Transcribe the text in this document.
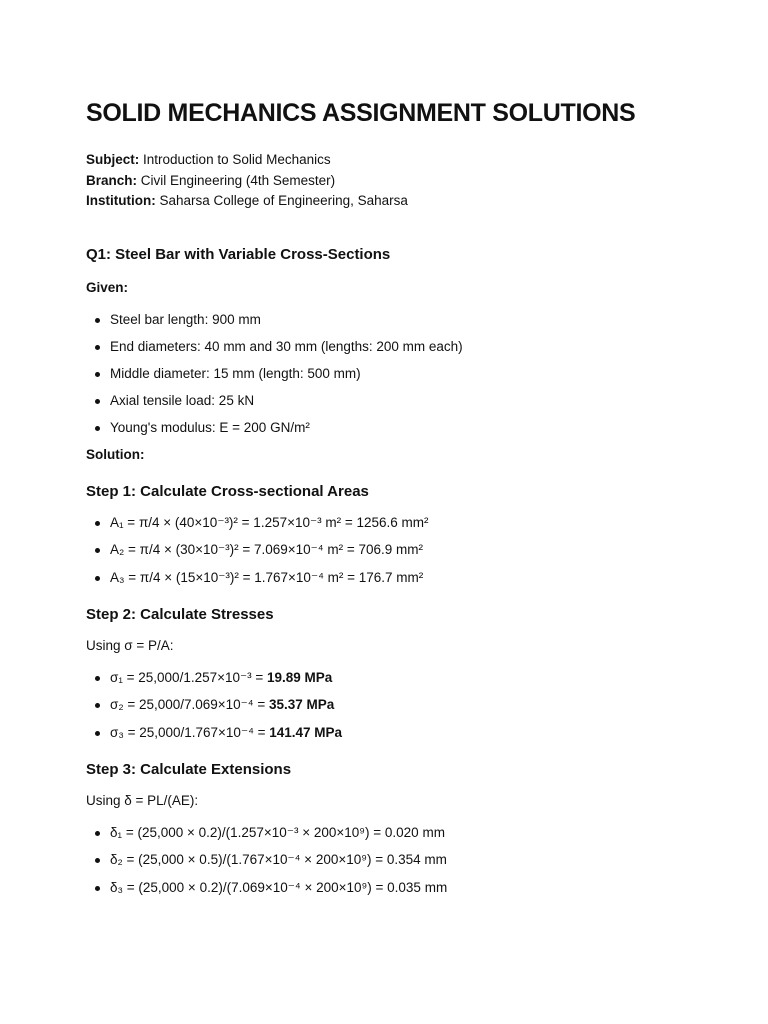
SOLID MECHANICS ASSIGNMENT SOLUTIONS
Subject: Introduction to Solid Mechanics
Branch: Civil Engineering (4th Semester)
Institution: Saharsa College of Engineering, Saharsa
Q1: Steel Bar with Variable Cross-Sections
Given:
Steel bar length: 900 mm
End diameters: 40 mm and 30 mm (lengths: 200 mm each)
Middle diameter: 15 mm (length: 500 mm)
Axial tensile load: 25 kN
Young's modulus: E = 200 GN/m²
Solution:
Step 1: Calculate Cross-sectional Areas
A₁ = π/4 × (40×10⁻³)² = 1.257×10⁻³ m² = 1256.6 mm²
A₂ = π/4 × (30×10⁻³)² = 7.069×10⁻⁴ m² = 706.9 mm²
A₃ = π/4 × (15×10⁻³)² = 1.767×10⁻⁴ m² = 176.7 mm²
Step 2: Calculate Stresses
Using σ = P/A:
σ₁ = 25,000/1.257×10⁻³ = 19.89 MPa
σ₂ = 25,000/7.069×10⁻⁴ = 35.37 MPa
σ₃ = 25,000/1.767×10⁻⁴ = 141.47 MPa
Step 3: Calculate Extensions
Using δ = PL/(AE):
δ₁ = (25,000 × 0.2)/(1.257×10⁻³ × 200×10⁹) = 0.020 mm
δ₂ = (25,000 × 0.5)/(1.767×10⁻⁴ × 200×10⁹) = 0.354 mm
δ₃ = (25,000 × 0.2)/(7.069×10⁻⁴ × 200×10⁹) = 0.035 mm
